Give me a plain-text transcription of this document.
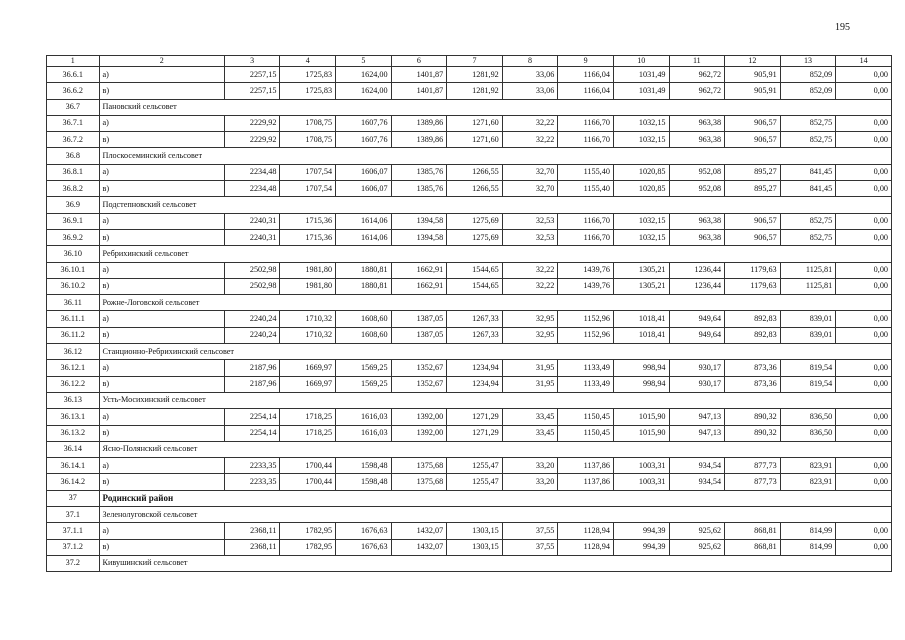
195
1	2	3	4	5	6	7	8	9	10	11	12	13	14
36.6.1	а)	2257,15	1725,83	1624,00	1401,87	1281,92	33,06	1166,04	1031,49	962,72	905,91	852,09	0,00
36.6.2	в)	2257,15	1725,83	1624,00	1401,87	1281,92	33,06	1166,04	1031,49	962,72	905,91	852,09	0,00
36.7	Пановский сельсовет												
36.7.1	а)	2229,92	1708,75	1607,76	1389,86	1271,60	32,22	1166,70	1032,15	963,38	906,57	852,75	0,00
36.7.2	в)	2229,92	1708,75	1607,76	1389,86	1271,60	32,22	1166,70	1032,15	963,38	906,57	852,75	0,00
36.8	Плоскосеминский сельсовет												
36.8.1	а)	2234,48	1707,54	1606,07	1385,76	1266,55	32,70	1155,40	1020,85	952,08	895,27	841,45	0,00
36.8.2	в)	2234,48	1707,54	1606,07	1385,76	1266,55	32,70	1155,40	1020,85	952,08	895,27	841,45	0,00
36.9	Подстепновский сельсовет												
36.9.1	а)	2240,31	1715,36	1614,06	1394,58	1275,69	32,53	1166,70	1032,15	963,38	906,57	852,75	0,00
36.9.2	в)	2240,31	1715,36	1614,06	1394,58	1275,69	32,53	1166,70	1032,15	963,38	906,57	852,75	0,00
36.10	Ребрихинский сельсовет												
36.10.1	а)	2502,98	1981,80	1880,81	1662,91	1544,65	32,22	1439,76	1305,21	1236,44	1179,63	1125,81	0,00
36.10.2	в)	2502,98	1981,80	1880,81	1662,91	1544,65	32,22	1439,76	1305,21	1236,44	1179,63	1125,81	0,00
36.11	Рожне-Логовской сельсовет												
36.11.1	а)	2240,24	1710,32	1608,60	1387,05	1267,33	32,95	1152,96	1018,41	949,64	892,83	839,01	0,00
36.11.2	в)	2240,24	1710,32	1608,60	1387,05	1267,33	32,95	1152,96	1018,41	949,64	892,83	839,01	0,00
36.12	Станционно-Ребрихинский сельсовет												
36.12.1	а)	2187,96	1669,97	1569,25	1352,67	1234,94	31,95	1133,49	998,94	930,17	873,36	819,54	0,00
36.12.2	в)	2187,96	1669,97	1569,25	1352,67	1234,94	31,95	1133,49	998,94	930,17	873,36	819,54	0,00
36.13	Усть-Мосихинский сельсовет												
36.13.1	а)	2254,14	1718,25	1616,03	1392,00	1271,29	33,45	1150,45	1015,90	947,13	890,32	836,50	0,00
36.13.2	в)	2254,14	1718,25	1616,03	1392,00	1271,29	33,45	1150,45	1015,90	947,13	890,32	836,50	0,00
36.14	Ясно-Полянский сельсовет												
36.14.1	а)	2233,35	1700,44	1598,48	1375,68	1255,47	33,20	1137,86	1003,31	934,54	877,73	823,91	0,00
36.14.2	в)	2233,35	1700,44	1598,48	1375,68	1255,47	33,20	1137,86	1003,31	934,54	877,73	823,91	0,00
37	Родинский район												
37.1	Зеленолуговской сельсовет												
37.1.1	а)	2368,11	1782,95	1676,63	1432,07	1303,15	37,55	1128,94	994,39	925,62	868,81	814,99	0,00
37.1.2	в)	2368,11	1782,95	1676,63	1432,07	1303,15	37,55	1128,94	994,39	925,62	868,81	814,99	0,00
37.2	Кивушинский сельсовет												
